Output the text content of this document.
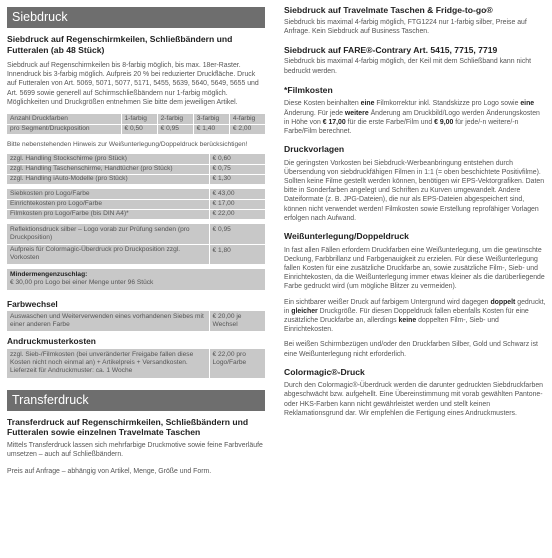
Siebdruck
Siebdruck auf Regenschirmkeilen, Schließbändern und Futteralen (ab 48 Stück)

Siebdruck auf Regenschirmkeilen bis 8-farbig möglich, bis max. 18er-Raster. Innendruck bis 3-farbig möglich. Aufpreis 20 % bei reduzierter Druckfläche. Druck auf Futteralen von Art. 5069, 5071, 5077, 5171, 5455, 5639, 5640, 5649, 5655 und Art. 5699 sowie generell auf Schirmschließbändern nur 1-farbig möglich. Möglichkeiten und Druckgrößen entnehmen Sie bitte dem jeweiligen Artikel.

Anzahl Druckfarben	1-farbig	2-farbig	3-farbig	4-farbig
pro Segment/Druckposition	€ 0,50	€ 0,95	€ 1,40	€ 2,00

Bitte nebenstehenden Hinweis zur Weißunterlegung/Doppeldruck berücksichtigen!

zzgl. Handling Stockschirme (pro Stück)	€ 0,60
zzgl. Handling Taschenschirme, Handtücher (pro Stück)	€ 0,75
zzgl. Handling iAuto-Modelle (pro Stück)	€ 1,30
Siebkosten pro Logo/Farbe	€ 43,00
Einrichtekosten pro Logo/Farbe	€ 17,00
Filmkosten pro Logo/Farbe (bis DIN A4)*	€ 22,00
Reflektionsdruck silber – Logo vorab zur Prüfung senden (pro Druckposition)	€ 0,95
Aufpreis für Colormagic-Überdruck pro Druckposition zzgl. Vorkosten	€ 1,80
Mindermengenzuschlag:
€ 30,00 pro Logo bei einer Menge unter 96 Stück
Farbwechsel
Auswaschen und Weiterverwenden eines vorhandenen Siebes mit einer anderen Farbe	€ 20,00 je Wechsel
Andruckmusterkosten
zzgl. Sieb-/Filmkosten (bei unveränderter Freigabe fallen diese Kosten nicht noch einmal an) + Artikelpreis + Versandkosten. Lieferzeit für Andruckmuster: ca. 1 Woche	€ 22,00 pro Logo/Farbe
Transferdruck
Transferdruck auf Regenschirmkeilen, Schließbändern und Futteralen sowie einzelnen Travelmate Taschen

Mittels Transferdruck lassen sich mehrfarbige Druckmotive sowie feine Farbverläufe umsetzen – auch auf Schließbändern.

Preis auf Anfrage – abhängig von Artikel, Menge, Größe und Form.

Siebdruck auf Travelmate Taschen & Fridge-to-go®

Siebdruck bis maximal 4-farbig möglich, FTG1224 nur 1-farbig silber, Preise auf Anfrage. Kein Siebdruck auf Business Taschen.

Siebdruck auf FARE®-Contrary Art. 5415, 7715, 7719

Siebdruck bis maximal 4-farbig möglich, der Keil mit dem Schließband kann nicht bedruckt werden.

*Filmkosten

Diese Kosten beinhalten eine Filmkorrektur inkl. Standskizze pro Logo sowie eine Änderung. Für jede weitere Änderung am Druckbild/Logo werden Änderungskosten in Höhe von € 17,00 für die erste Farbe/Film und € 9,00 für jede/-n weitere/-n Farbe/Film berechnet.

Druckvorlagen

Die geringsten Vorkosten bei Siebdruck-Werbeanbringung entstehen durch Übersendung von siebdruckfähigen Filmen in 1:1 (= oben beschichtete Positivfilme). Sollten keine Filme gestellt werden können, benötigen wir EPS-Vektorgrafiken. Daten bitte in Sonderfarben angelegt und Schriften zu Kurven umgewandelt. Andere Dateiformate (z. B. JPG-Dateien), die nur als EPS-Dateien abgespeichert sind, können nicht verwendet werden! Filmkosten sowie Erstellung reprofähiger Vorlagen erfolgen nach Aufwand.

Weißunterlegung/Doppeldruck

In fast allen Fällen erfordern Druckfarben eine Weißunterlegung, um die gewünschte Deckung, Farbbrillanz und Farbgenauigkeit zu erzielen. Für diese Weißunterlegung fallen Kosten für eine zusätzliche Druckfarbe an, sowie zusätzliche Film-, Sieb- und Einrichtekosten, da die Weißunterlegung immer etwas kleiner als die darüberliegende Farbe gedruckt wird (um mögliche Blitzer zu vermeiden).

Ein sichtbarer weißer Druck auf farbigem Untergrund wird dagegen doppelt gedruckt, in gleicher Druckgröße. Für diesen Doppeldruck fallen ebenfalls Kosten für eine zusätzliche Druckfarbe an, allerdings keine doppelten Film-, Sieb- und Einrichtekosten.

Bei weißen Schirmbezügen und/oder den Druckfarben Silber, Gold und Schwarz ist eine Weißunterlegung nicht erforderlich.

Colormagic®-Druck

Durch den Colormagic®-Überdruck werden die darunter gedruckten Siebdruckfarben abgeschwächt bzw. aufgehellt. Eine Übereinstimmung mit vorab gewählten Pantone- oder HKS-Farben kann nicht gewährleistet werden und stellt keinen Reklamationsgrund dar. Wir empfehlen die Fertigung eines Andruckmusters.
